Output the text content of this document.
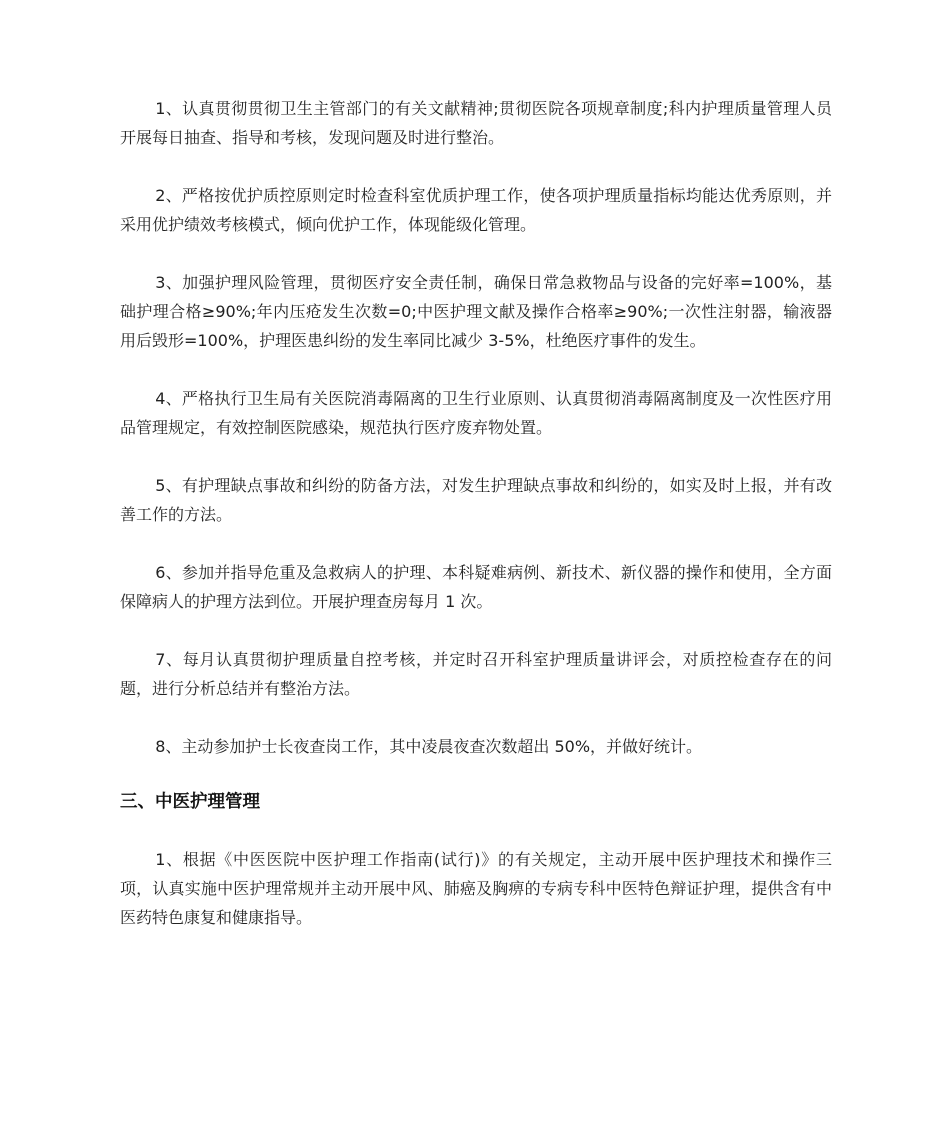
1、认真贯彻贯彻卫生主管部门的有关文献精神;贯彻医院各项规章制度;科内护理质量管理人员开展每日抽查、指导和考核，发现问题及时进行整治。

2、严格按优护质控原则定时检查科室优质护理工作，使各项护理质量指标均能达优秀原则，并采用优护绩效考核模式，倾向优护工作，体现能级化管理。

3、加强护理风险管理，贯彻医疗安全责任制，确保日常急救物品与设备的完好率=100%，基础护理合格≥90%;年内压疮发生次数=0;中医护理文献及操作合格率≥90%;一次性注射器，输液器用后毁形=100%，护理医患纠纷的发生率同比减少 3-5%，杜绝医疗事件的发生。

4、严格执行卫生局有关医院消毒隔离的卫生行业原则、认真贯彻消毒隔离制度及一次性医疗用品管理规定，有效控制医院感染，规范执行医疗废弃物处置。

5、有护理缺点事故和纠纷的防备方法，对发生护理缺点事故和纠纷的，如实及时上报，并有改善工作的方法。

6、参加并指导危重及急救病人的护理、本科疑难病例、新技术、新仪器的操作和使用，全方面保障病人的护理方法到位。开展护理查房每月 1 次。

7、每月认真贯彻护理质量自控考核，并定时召开科室护理质量讲评会，对质控检查存在的问题，进行分析总结并有整治方法。

8、主动参加护士长夜查岗工作，其中凌晨夜查次数超出 50%，并做好统计。

三、中医护理管理

1、根据《中医医院中医护理工作指南(试行)》的有关规定，主动开展中医护理技术和操作三项，认真实施中医护理常规并主动开展中风、肺癌及胸痹的专病专科中医特色辩证护理，提供含有中医药特色康复和健康指导。
